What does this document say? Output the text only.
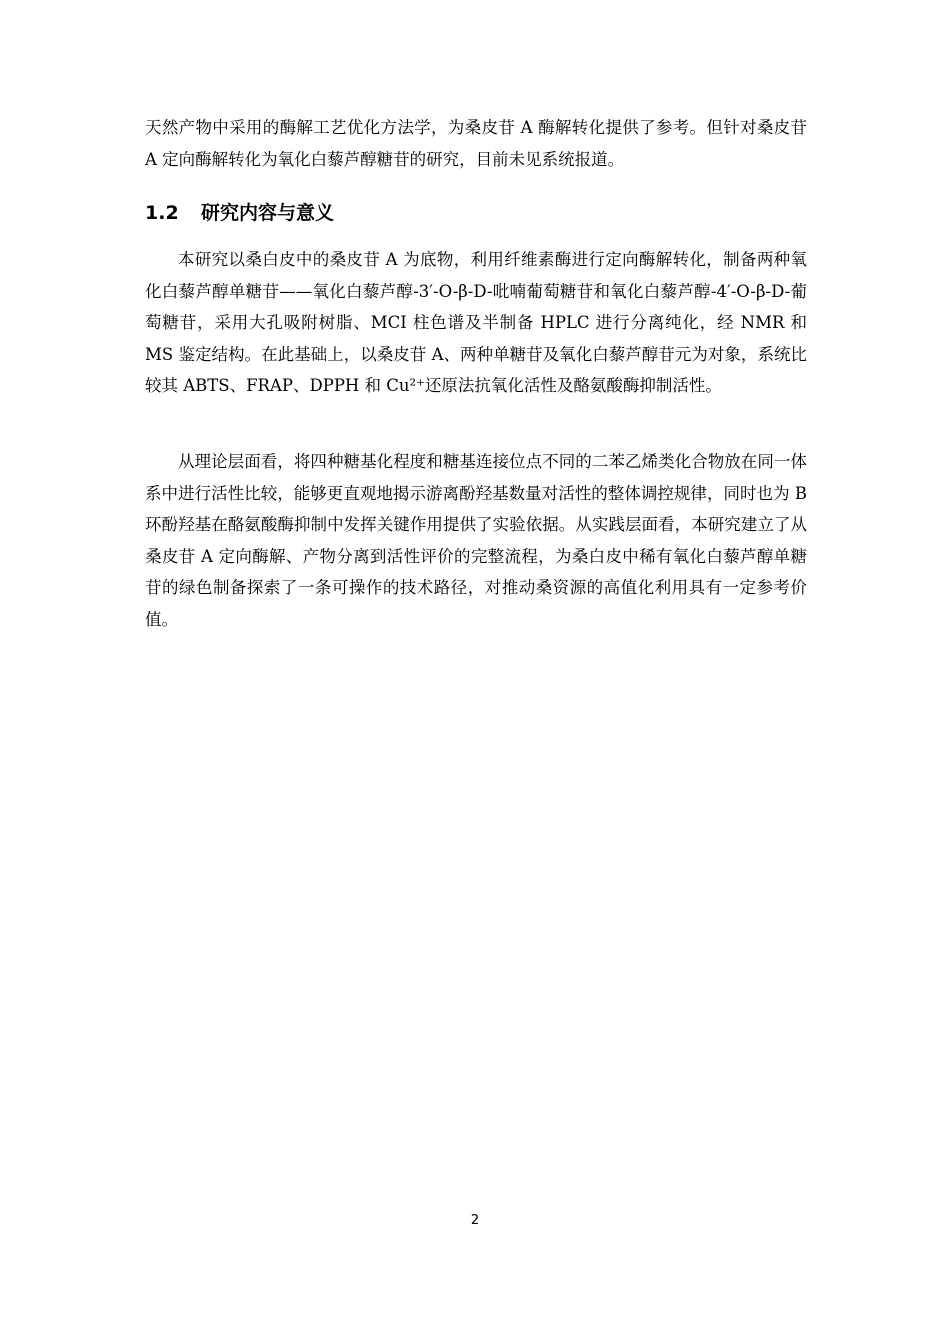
天然产物中采用的酶解工艺优化方法学，为桑皮苷 A 酶解转化提供了参考。但针对桑皮苷 A 定向酶解转化为氧化白藜芦醇糖苷的研究，目前未见系统报道。

1.2 研究内容与意义

本研究以桑白皮中的桑皮苷 A 为底物，利用纤维素酶进行定向酶解转化，制备两种氧化白藜芦醇单糖苷——氧化白藜芦醇-3′-O-β-D-吡喃葡萄糖苷和氧化白藜芦醇-4′-O-β-D-葡萄糖苷，采用大孔吸附树脂、MCI 柱色谱及半制备 HPLC 进行分离纯化，经 NMR 和 MS 鉴定结构。在此基础上，以桑皮苷 A、两种单糖苷及氧化白藜芦醇苷元为对象，系统比较其 ABTS、FRAP、DPPH 和 Cu²⁺还原法抗氧化活性及酪氨酸酶抑制活性。

从理论层面看，将四种糖基化程度和糖基连接位点不同的二苯乙烯类化合物放在同一体系中进行活性比较，能够更直观地揭示游离酚羟基数量对活性的整体调控规律，同时也为 B 环酚羟基在酪氨酸酶抑制中发挥关键作用提供了实验依据。从实践层面看，本研究建立了从桑皮苷 A 定向酶解、产物分离到活性评价的完整流程，为桑白皮中稀有氧化白藜芦醇单糖苷的绿色制备探索了一条可操作的技术路径，对推动桑资源的高值化利用具有一定参考价值。

2
